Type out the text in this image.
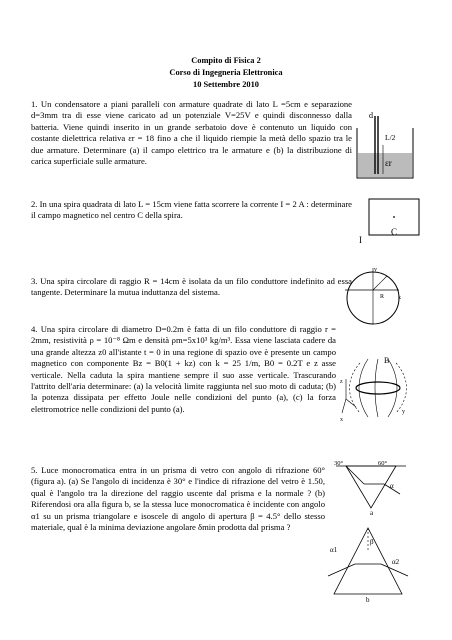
Compito di Fisica 2
Corso di Ingegneria Elettronica
10 Settembre 2010

1. Un condensatore a piani paralleli con armature quadrate di lato L =5cm e separazione d=3mm tra di esse viene caricato ad un potenziale V=25V e quindi disconnesso dalla batteria. Viene quindi inserito in un grande serbatoio dove è contenuto un liquido con costante dielettrica relativa εr = 18 fino a che il liquido riempie la metà dello spazio tra le due armature. Determinare (a) il campo elettrico tra le armature e (b) la distribuzione di carica superficiale sulle armature.

d
L/2
εr

2. In una spira quadrata di lato L = 15cm viene fatta scorrere la corrente I = 2 A : determinare il campo magnetico nel centro C della spira.

I
C

3. Una spira circolare di raggio R = 14cm è isolata da un filo conduttore indefinito ad essa tangente. Determinare la mutua induttanza del sistema.

y
x
R

4. Una spira circolare di diametro D=0.2m è fatta di un filo conduttore di raggio r = 2mm, resistività ρ = 10⁻⁸ Ωm e densità ρm=5x10³ kg/m³. Essa viene lasciata cadere da una grande altezza z0 all'istante t = 0 in una regione di spazio ove è presente un campo magnetico con componente Bz = B0(1 + kz) con k = 25 1/m, B0 = 0.2T e z asse verticale. Nella caduta la spira mantiene sempre il suo asse verticale. Trascurando l'attrito dell'aria determinare: (a) la velocità limite raggiunta nel suo moto di caduta; (b) la potenza dissipata per effetto Joule nelle condizioni del punto (a), (c) la forza elettromotrice nelle condizioni del punto (a).

B
z
x
y

5. Luce monocromatica entra in un prisma di vetro con angolo di rifrazione 60° (figura a). (a) Se l'angolo di incidenza è 30° e l'indice di rifrazione del vetro è 1.50, qual è l'angolo tra la direzione del raggio uscente dal prisma e la normale ? (b) Riferendosi ora alla figura b, se la stessa luce monocromatica è incidente con angolo α1 su un prisma triangolare e isoscele di angolo di apertura β = 4.5° dello stesso materiale, qual è la minima deviazione angolare δmin prodotta dal prisma ?

30°	60°
α
a
α1
α2
β
b
